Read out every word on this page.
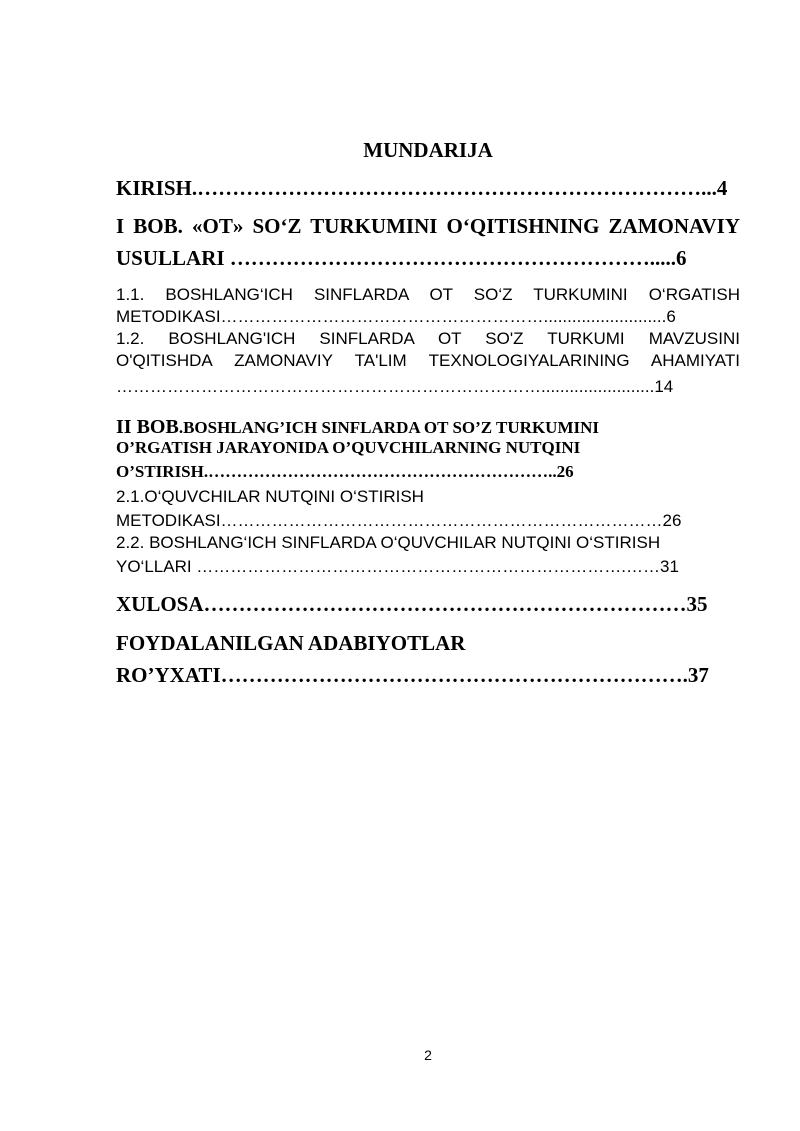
MUNDARIJA
KIRISH.………………………………………………………………...4
I BOB. «OT» SO‘Z TURKUMINI O‘QITISHNING ZAMONAVIY
USULLARI …………………………………………………….....6
1.1. BOSHLANG‘ICH SINFLARDA OT SO‘Z TURKUMINI O‘RGATISH
METODIKASI…………………………………………………..........................6
1.2. BOSHLANG'ICH SINFLARDA OT SO'Z TURKUMI MAVZUSINI
O'QITISHDA ZAMONAVIY TA'LIM TEXNOLOGIYALARINING AHAMIYATI
…………………………………………………………………........................14
II BOB.BOSHLANG’ICH SINFLARDA OT SO’Z TURKUMINI
O’RGATISH JARAYONIDA O’QUVCHILARNING NUTQINI
O’STIRISH.……………………………………………………..26
2.1.O‘QUVCHILAR NUTQINI O‘STIRISH
METODIKASI……………………………………………………………………26
2.2. BOSHLANG‘ICH SINFLARDA O‘QUVCHILAR NUTQINI O‘STIRISH
YO‘LLARI ………………………………………………………………….……31
XULOSA……………………………………………………………35
FOYDALANILGAN ADABIYOTLAR
RO’YXATI………………………………………………………….37
2
